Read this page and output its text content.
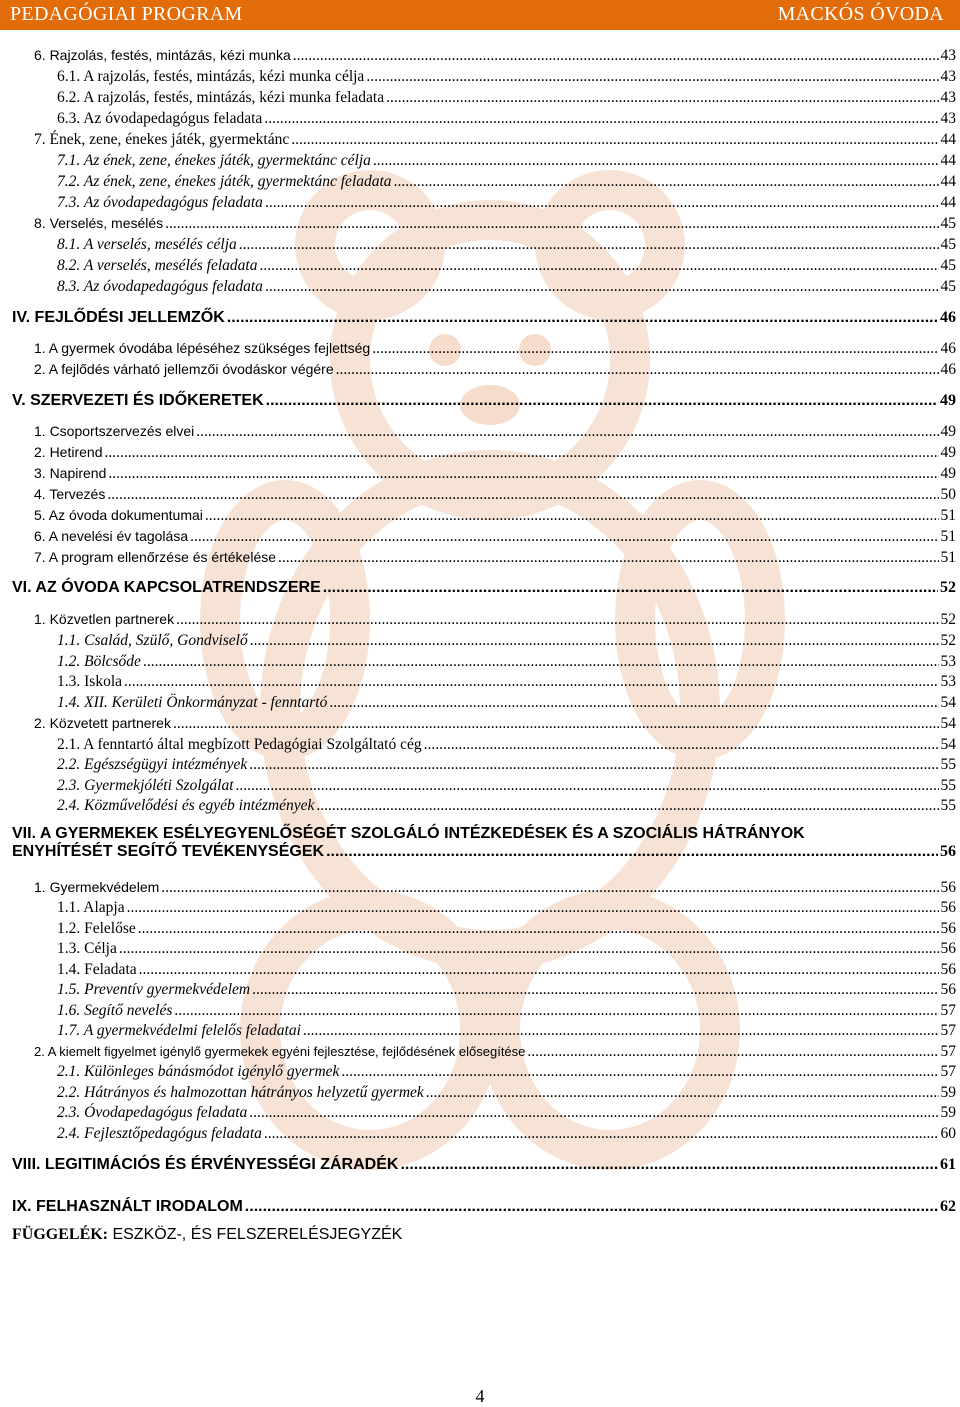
PEDAGÓGIAI PROGRAM	MACKÓS ÓVODA
6. Rajzolás, festés, mintázás, kézi munka .....	43
6.1. A rajzolás, festés, mintázás, kézi munka célja .....	43
6.2. A rajzolás, festés, mintázás, kézi munka feladata .....	43
6.3. Az óvodapedagógus feladata .....	43
7. Ének, zene, énekes játék, gyermektánc .....	44
7.1. Az ének, zene, énekes játék, gyermektánc célja .....	44
7.2. Az ének, zene, énekes játék, gyermektánc feladata .....	44
7.3. Az óvodapedagógus feladata .....	44
8. Verselés, mesélés .....	45
8.1. A verselés, mesélés célja .....	45
8.2. A verselés, mesélés feladata .....	45
8.3. Az óvodapedagógus feladata .....	45
IV. FEJLŐDÉSI JELLEMZŐK .....	46
1. A gyermek óvodába lépéséhez szükséges fejlettség .....	46
2. A fejlődés várható jellemzői óvodáskor végére .....	46
V. SZERVEZETI ÉS IDŐKERETEK .....	49
1. Csoportszervezés elvei .....	49
2. Hetirend .....	49
3. Napirend .....	49
4. Tervezés .....	50
5. Az óvoda dokumentumai .....	51
6. A nevelési év tagolása .....	51
7. A program ellenőrzése és értékelése .....	51
VI. AZ ÓVODA KAPCSOLATRENDSZERE .....	52
1. Közvetlen partnerek .....	52
1.1. Család, Szülő, Gondviselő .....	52
1.2. Bölcsőde .....	53
1.3. Iskola .....	53
1.4. XII. Kerületi Önkormányzat - fenntartó .....	54
2. Közvetett partnerek .....	54
2.1. A fenntartó által megbízott Pedagógiai Szolgáltató cég .....	54
2.2. Egészségügyi intézmények .....	55
2.3. Gyermekjóléti Szolgálat .....	55
2.4. Közművelődési és egyéb intézmények .....	55
VII. A GYERMEKEK ESÉLYEGYENLŐSÉGÉT SZOLGÁLÓ INTÉZKEDÉSEK ÉS A SZOCIÁLIS HÁTRÁNYOK
ENYHÍTÉSÉT SEGÍTŐ TEVÉKENYSÉGEK .....	56
1. Gyermekvédelem .....	56
1.1. Alapja .....	56
1.2. Felelőse .....	56
1.3. Célja .....	56
1.4. Feladata .....	56
1.5. Preventív gyermekvédelem .....	56
1.6. Segítő nevelés .....	57
1.7. A gyermekvédelmi felelős feladatai .....	57
2. A kiemelt figyelmet igénylő gyermekek egyéni fejlesztése, fejlődésének elősegítése .....	57
2.1. Különleges bánásmódot igénylő gyermek .....	57
2.2. Hátrányos és halmozottan hátrányos helyzetű gyermek .....	59
2.3. Óvodapedagógus feladata .....	59
2.4. Fejlesztőpedagógus feladata .....	60
VIII. LEGITIMÁCIÓS ÉS ÉRVÉNYESSÉGI ZÁRADÉK .....	61
IX. FELHASZNÁLT IRODALOM .....	62
FÜGGELÉK: ESZKÖZ-, ÉS FELSZERELÉSJEGYZÉK
4
